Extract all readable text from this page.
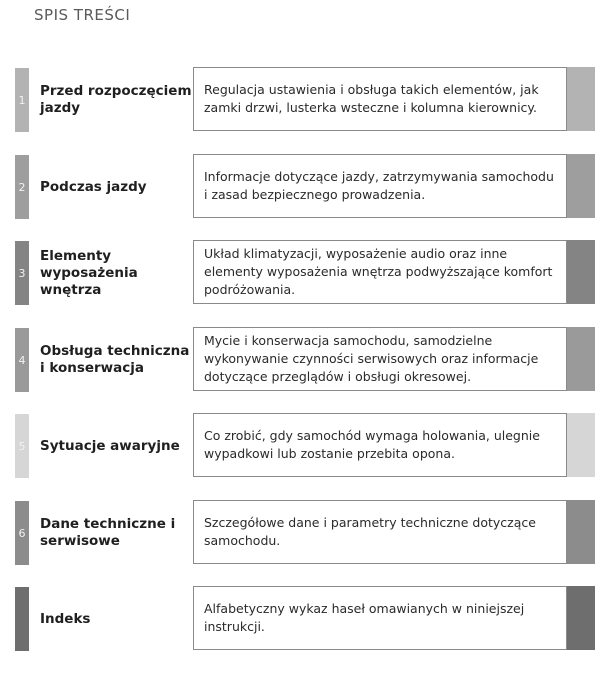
SPIS TREŚCI
1
Przed rozpoczęciem jazdy
Regulacja ustawienia i obsługa takich elementów, jak zamki drzwi, lusterka wsteczne i kolumna kierownicy.
2 Podczas jazdy
Informacje dotyczące jazdy, zatrzymywania samochodu i zasad bezpiecznego prowadzenia.
3
Elementy wyposażenia wnętrza
Układ klimatyzacji, wyposażenie audio oraz inne elementy wyposażenia wnętrza podwyższające komfort podróżowania.
4
Obsługa techniczna i konserwacja
Mycie i konserwacja samochodu, samodzielne wykonywanie czynności serwisowych oraz informacje dotyczące przeglądów i obsługi okresowej.
5 Sytuacje awaryjne
Co zrobić, gdy samochód wymaga holowania, ulegnie wypadkowi lub zostanie przebita opona.
6
Dane techniczne i serwisowe
Szczegółowe dane i parametry techniczne dotyczące samochodu.
Indeks
Alfabetyczny wykaz haseł omawianych w niniejszej instrukcji.
